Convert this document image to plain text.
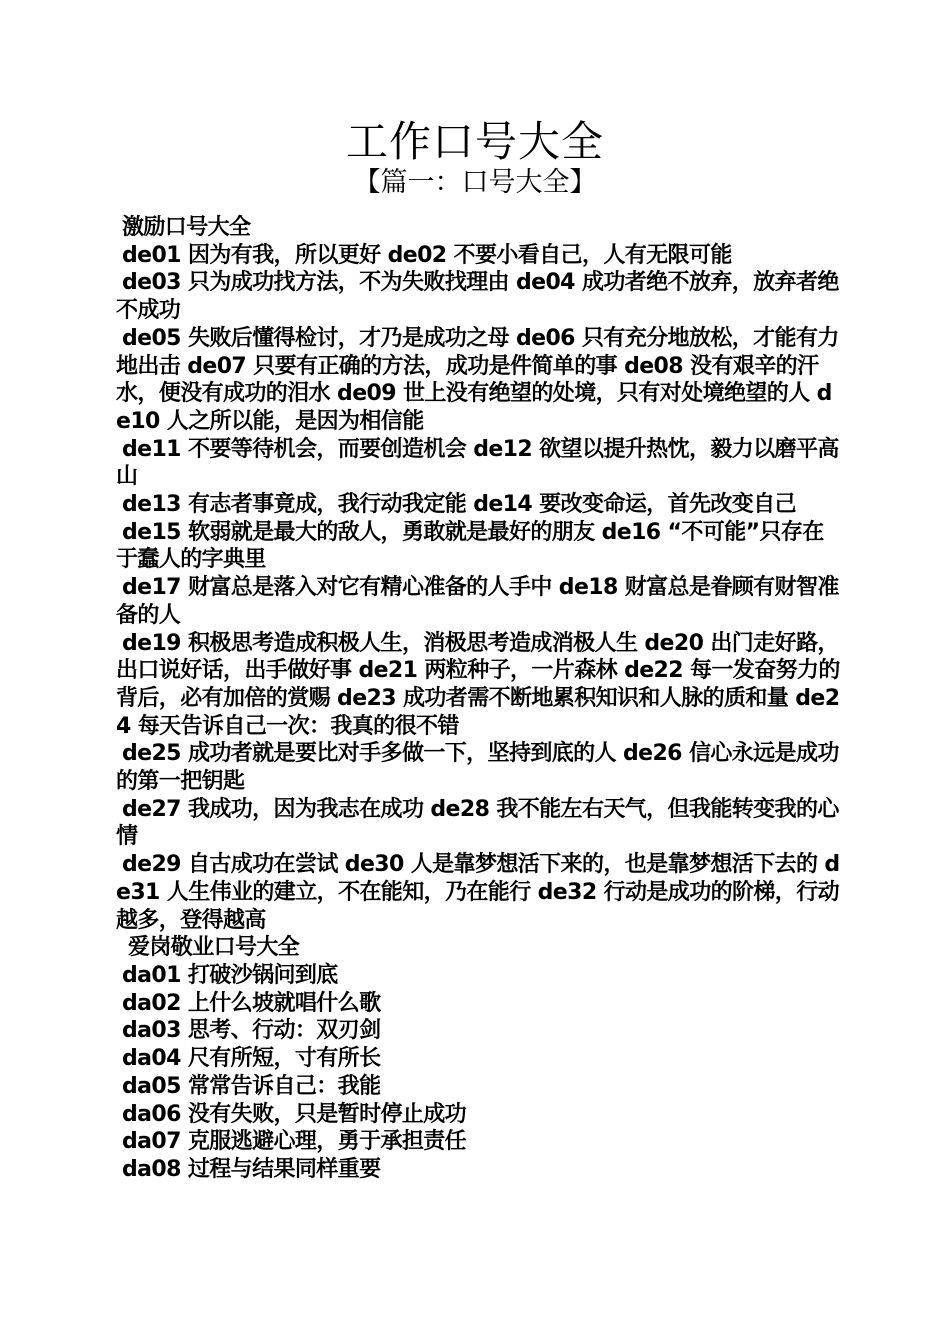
工作口号大全
【篇一：口号大全】

激励口号大全

de01 因为有我，所以更好 de02 不要小看自己，人有无限可能

de03 只为成功找方法，不为失败找理由 de04 成功者绝不放弃，放弃者绝不成功

de05 失败后懂得检讨，才乃是成功之母 de06 只有充分地放松，才能有力地出击 de07 只要有正确的方法，成功是件简单的事 de08 没有艰辛的汗水，便没有成功的泪水 de09 世上没有绝望的处境，只有对处境绝望的人 de10 人之所以能，是因为相信能

de11 不要等待机会，而要创造机会 de12 欲望以提升热忱，毅力以磨平高山

de13 有志者事竟成，我行动我定能 de14 要改变命运，首先改变自己

de15 软弱就是最大的敌人，勇敢就是最好的朋友 de16 “不可能”只存在于蠢人的字典里

de17 财富总是落入对它有精心准备的人手中 de18 财富总是眷顾有财智准备的人

de19 积极思考造成积极人生，消极思考造成消极人生 de20 出门走好路，出口说好话，出手做好事 de21 两粒种子，一片森林 de22 每一发奋努力的背后，必有加倍的赏赐 de23 成功者需不断地累积知识和人脉的质和量 de24 每天告诉自己一次：我真的很不错

de25 成功者就是要比对手多做一下，坚持到底的人 de26 信心永远是成功的第一把钥匙

de27 我成功，因为我志在成功 de28 我不能左右天气，但我能转变我的心情

de29 自古成功在尝试 de30 人是靠梦想活下来的，也是靠梦想活下去的 de31 人生伟业的建立，不在能知，乃在能行 de32 行动是成功的阶梯，行动越多，登得越高

爱岗敬业口号大全

da01 打破沙锅问到底

da02 上什么坡就唱什么歌

da03 思考、行动：双刃剑

da04 尺有所短，寸有所长

da05 常常告诉自己：我能

da06 没有失败，只是暂时停止成功

da07 克服逃避心理，勇于承担责任

da08 过程与结果同样重要
